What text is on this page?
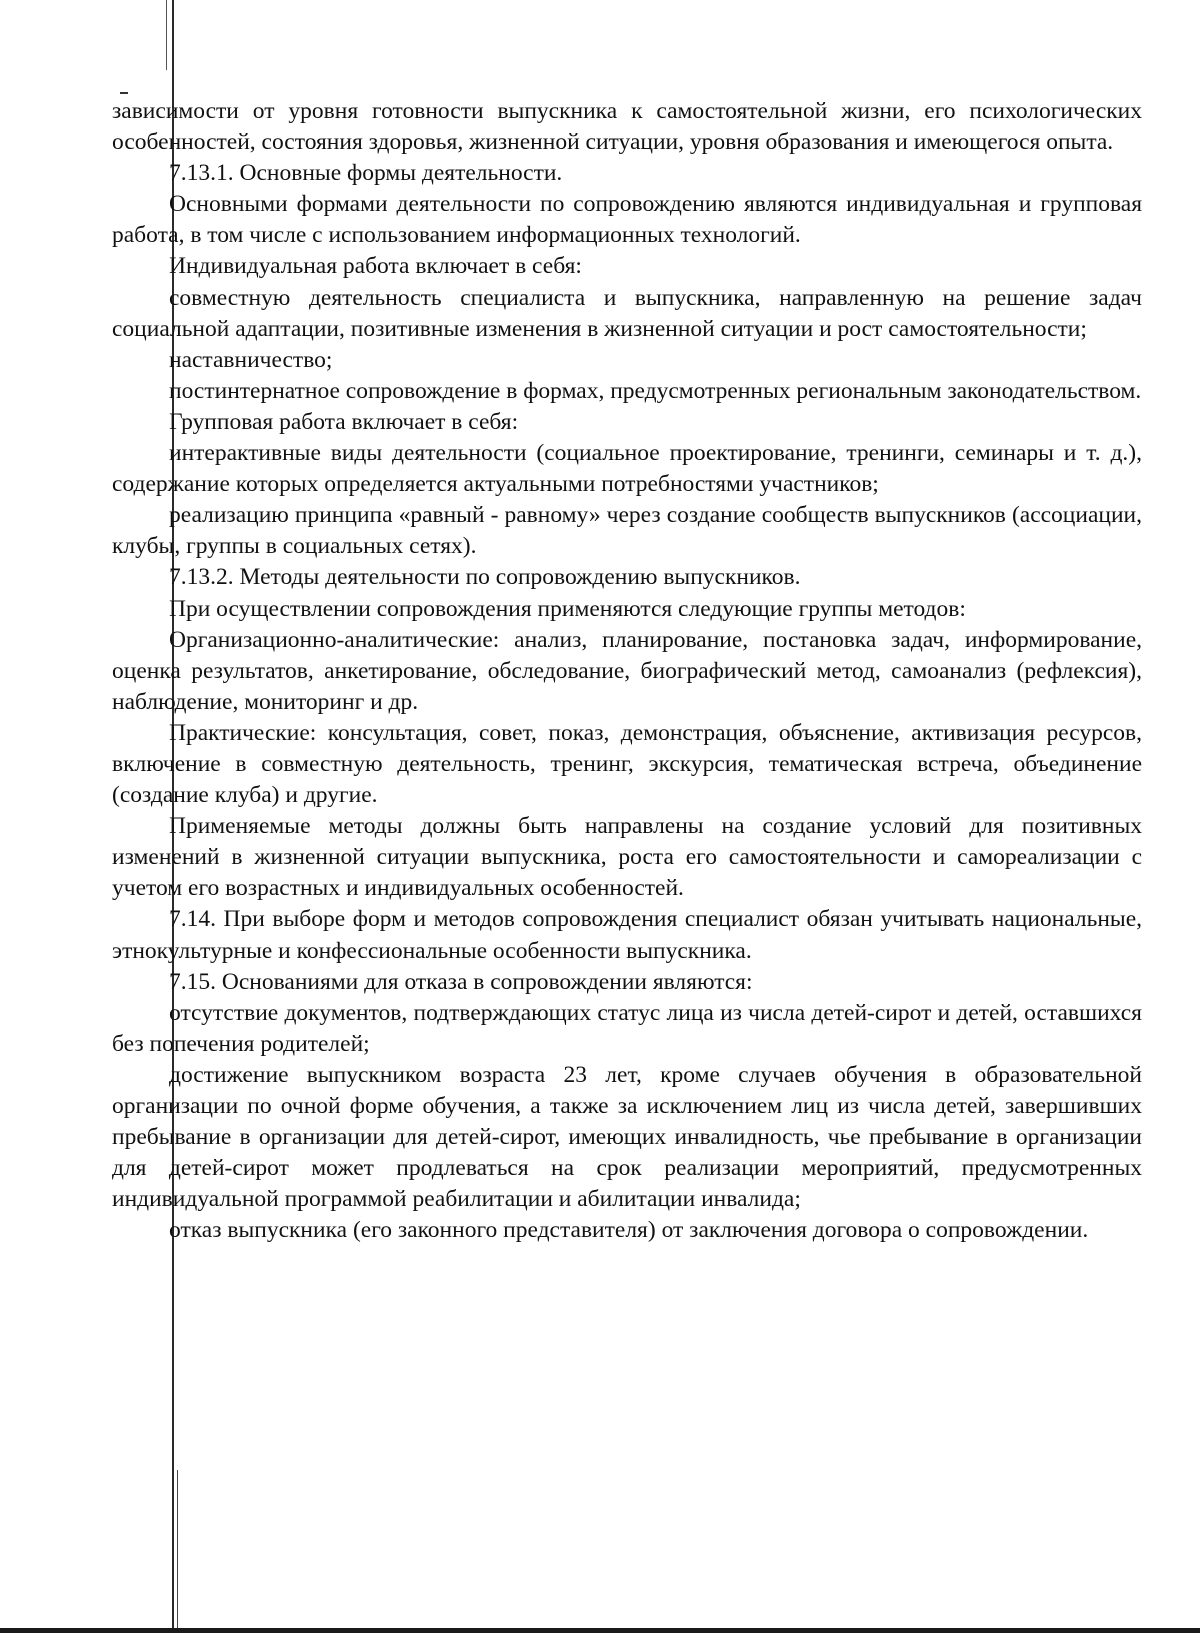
зависимости от уровня готовности выпускника к самостоятельной жизни, его психологических особенностей, состояния здоровья, жизненной ситуации, уровня образования и имеющегося опыта.

7.13.1. Основные формы деятельности.

Основными формами деятельности по сопровождению являются индивидуальная и групповая работа, в том числе с использованием информационных технологий.

Индивидуальная работа включает в себя:

совместную деятельность специалиста и выпускника, направленную на решение задач социальной адаптации, позитивные изменения в жизненной ситуации и рост самостоятельности;

наставничество;

постинтернатное сопровождение в формах, предусмотренных региональным законодательством.

Групповая работа включает в себя:

интерактивные виды деятельности (социальное проектирование, тренинги, семинары и т. д.), содержание которых определяется актуальными потребностями участников;

реализацию принципа «равный - равному» через создание сообществ выпускников (ассоциации, клубы, группы в социальных сетях).

7.13.2. Методы деятельности по сопровождению выпускников.

При осуществлении сопровождения применяются следующие группы методов:

Организационно-аналитические: анализ, планирование, постановка задач, информирование, оценка результатов, анкетирование, обследование, биографический метод, самоанализ (рефлексия), наблюдение, мониторинг и др.

Практические: консультация, совет, показ, демонстрация, объяснение, активизация ресурсов, включение в совместную деятельность, тренинг, экскурсия, тематическая встреча, объединение (создание клуба) и другие.

Применяемые методы должны быть направлены на создание условий для позитивных изменений в жизненной ситуации выпускника, роста его самостоятельности и самореализации с учетом его возрастных и индивидуальных особенностей.

7.14. При выборе форм и методов сопровождения специалист обязан учитывать национальные, этнокультурные и конфессиональные особенности выпускника.

7.15. Основаниями для отказа в сопровождении являются:

отсутствие документов, подтверждающих статус лица из числа детей-сирот и детей, оставшихся без попечения родителей;

достижение выпускником возраста 23 лет, кроме случаев обучения в образовательной организации по очной форме обучения, а также за исключением лиц из числа детей, завершивших пребывание в организации для детей-сирот, имеющих инвалидность, чье пребывание в организации для детей-сирот может продлеваться на срок реализации мероприятий, предусмотренных индивидуальной программой реабилитации и абилитации инвалида;

отказ выпускника (его законного представителя) от заключения договора о сопровождении.
